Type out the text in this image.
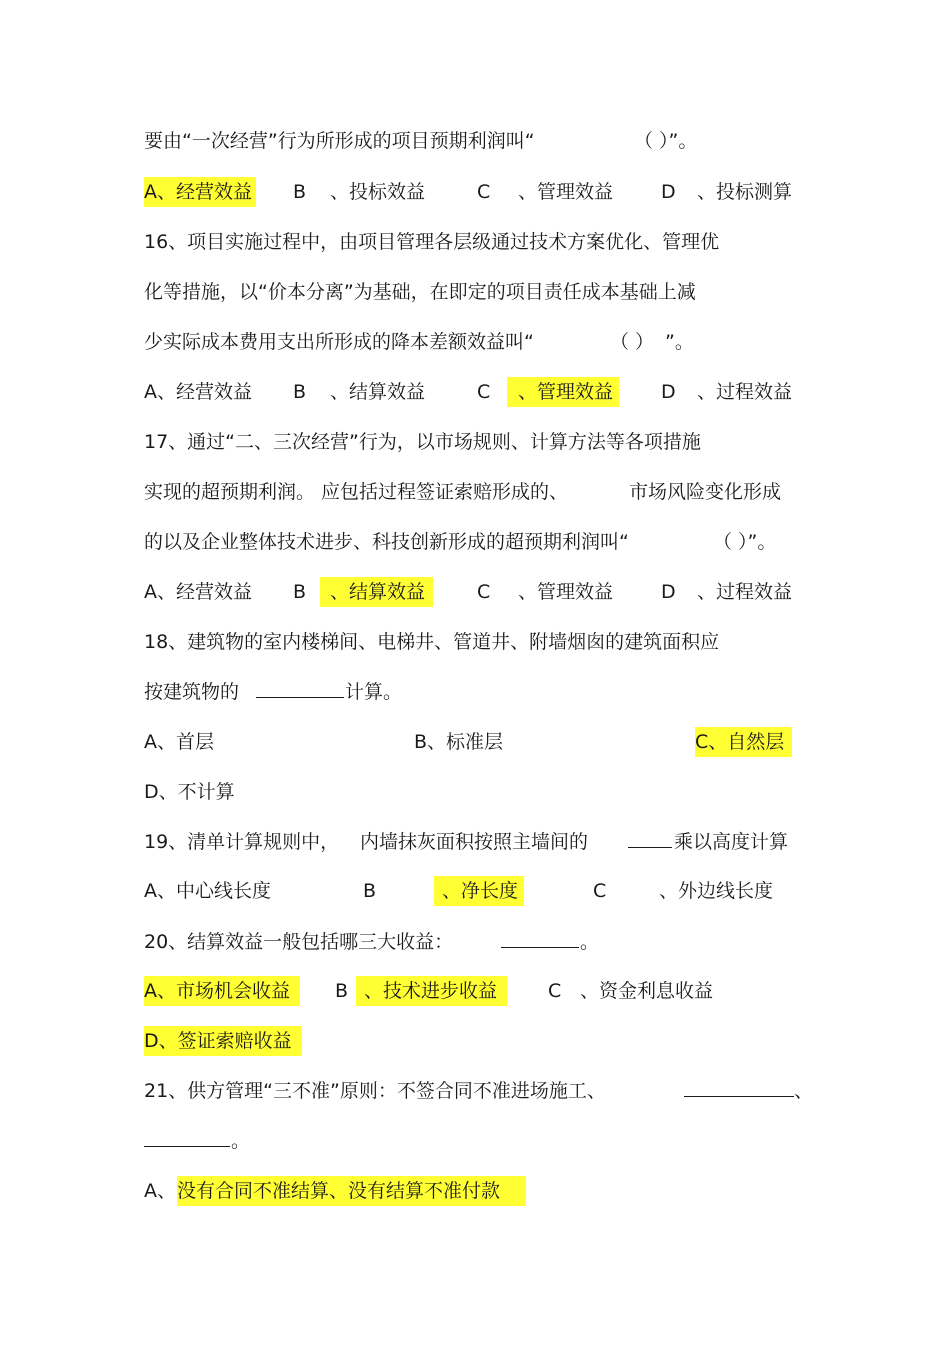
要由“一次经营”行为所形成的项目预期利润叫“	（ ）”。
A、经营效益 B 、投标效益	C 、管理效益	D 、投标测算
16、项目实施过程中，由项目管理各层级通过技术方案优化、管理优
化等措施，以“价本分离”为基础，在即定的项目责任成本基础上减
少实际成本费用支出所形成的降本差额效益叫“	（ ） ”。
A、经营效益 B 、结算效益	C	、管理效益	D 、过程效益
17、通过“二、三次经营”行为，以市场规则、计算方法等各项措施
实现的超预期利润。 应包括过程签证索赔形成的、	市场风险变化形成
的以及企业整体技术进步、科技创新形成的超预期利润叫“	（ ）”。
A、经营效益 B	、结算效益	C 、管理效益	D 、过程效益
18、建筑物的室内楼梯间、电梯井、管道井、附墙烟囱的建筑面积应
按建筑物的	计算。
A、首层	B、标准层	C、自然层
D、不计算
19、清单计算规则中， 内墙抹灰面积按照主墙间的	乘以高度计算
A、中心线长度	B	、净长度	C	、外边线长度
20、结算效益一般包括哪三大收益：	。
A、市场机会收益	B 、技术进步收益	C 、资金利息收益
D、签证索赔收益
21、供方管理“三不准”原则：不签合同不准进场施工、	、
。
A、 没有合同不准结算、没有结算不准付款
